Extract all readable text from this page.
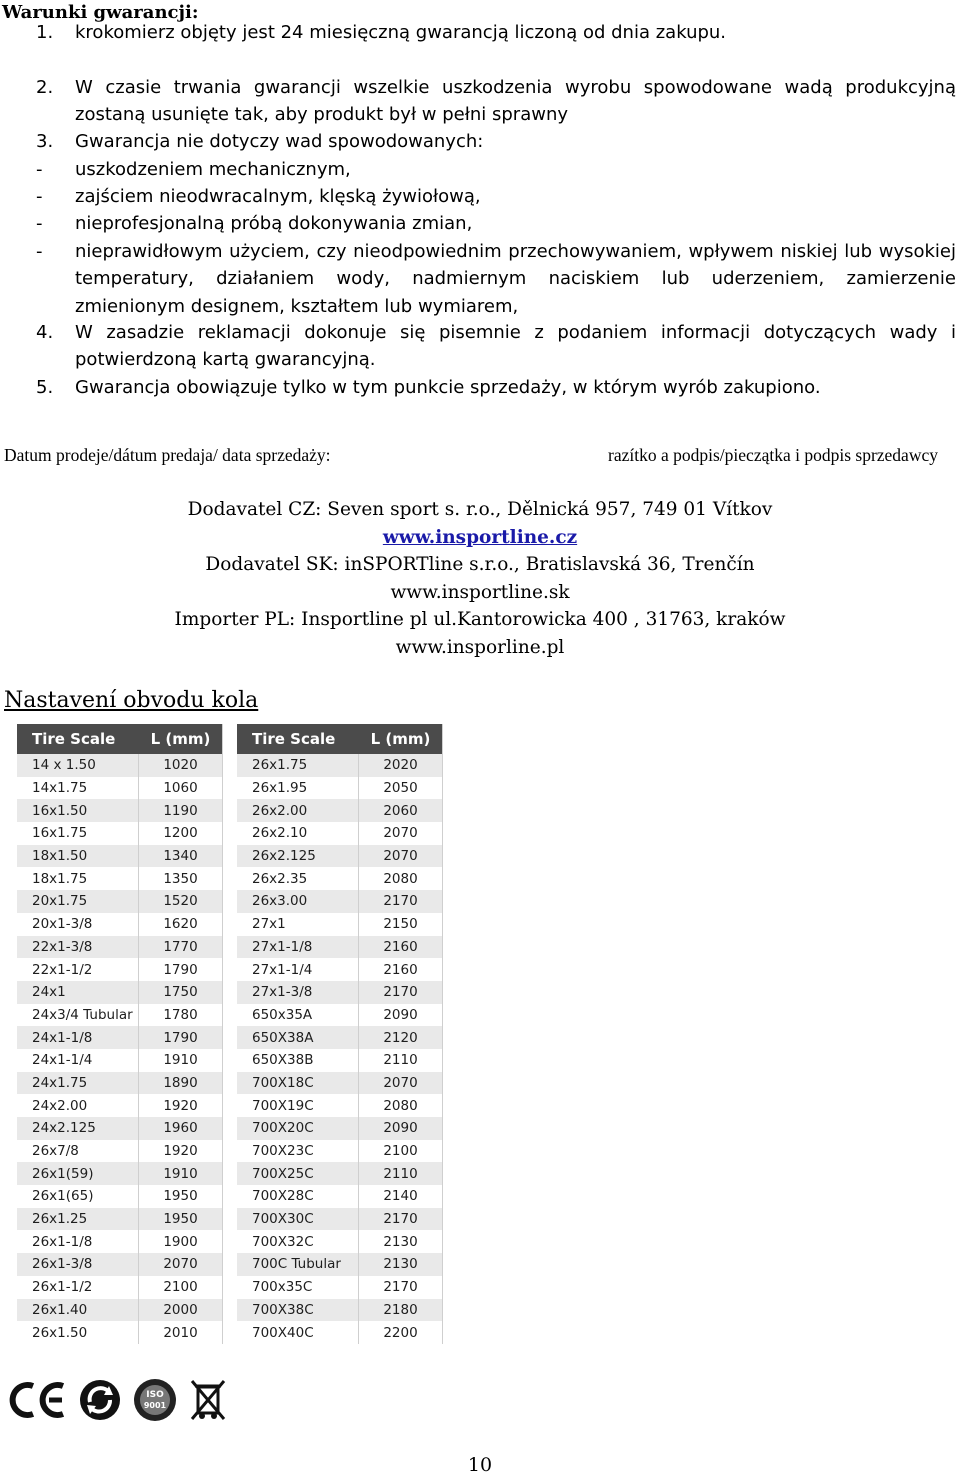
Warunki gwarancji:
1. krokomierz objęty jest 24 miesięczną gwarancją liczoną od dnia zakupu.
2. W czasie trwania gwarancji wszelkie uszkodzenia wyrobu spowodowane wadą produkcyjną zostaną usunięte tak, aby produkt był w pełni sprawny
3. Gwarancja nie dotyczy wad spowodowanych:
- uszkodzeniem mechanicznym,
- zajściem nieodwracalnym, klęską żywiołową,
- nieprofesjonalną próbą dokonywania zmian,
- nieprawidłowym użyciem, czy nieodpowiednim przechowywaniem, wpływem niskiej lub wysokiej temperatury, działaniem wody, nadmiernym naciskiem lub uderzeniem, zamierzenie zmienionym designem, kształtem lub wymiarem,
4. W zasadzie reklamacji dokonuje się pisemnie z podaniem informacji dotyczących wady i potwierdzoną kartą gwarancyjną.
5. Gwarancja obowiązuje tylko w tym punkcie sprzedaży, w którym wyrób zakupiono.
Datum prodeje/dátum predaja/ data sprzedaży:	razítko a podpis/pieczątka i podpis sprzedawcy
Dodavatel CZ: Seven sport s. r.o., Dělnická 957, 749 01 Vítkov
www.insportline.cz
Dodavatel SK: inSPORTline s.r.o., Bratislavská 36, Trenčín
www.insportline.sk
Importer PL: Insportline pl ul.Kantorowicka 400 , 31763, kraków
www.insporline.pl
Nastavení obvodu kola
Tire Scale	L (mm)
14 x 1.50	1020
14x1.75	1060
16x1.50	1190
16x1.75	1200
18x1.50	1340
18x1.75	1350
20x1.75	1520
20x1-3/8	1620
22x1-3/8	1770
22x1-1/2	1790
24x1	1750
24x3/4 Tubular	1780
24x1-1/8	1790
24x1-1/4	1910
24x1.75	1890
24x2.00	1920
24x2.125	1960
26x7/8	1920
26x1(59)	1910
26x1(65)	1950
26x1.25	1950
26x1-1/8	1900
26x1-3/8	2070
26x1-1/2	2100
26x1.40	2000
26x1.50	2010
Tire Scale	L (mm)
26x1.75	2020
26x1.95	2050
26x2.00	2060
26x2.10	2070
26x2.125	2070
26x2.35	2080
26x3.00	2170
27x1	2150
27x1-1/8	2160
27x1-1/4	2160
27x1-3/8	2170
650x35A	2090
650X38A	2120
650X38B	2110
700X18C	2070
700X19C	2080
700X20C	2090
700X23C	2100
700X25C	2110
700X28C	2140
700X30C	2170
700X32C	2130
700C Tubular	2130
700x35C	2170
700X38C	2180
700X40C	2200
ISO
9001
10
